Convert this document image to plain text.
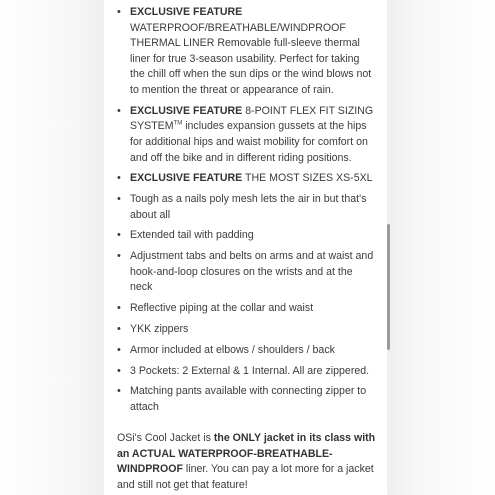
• EXCLUSIVE FEATURE
WATERPROOF/BREATHABLE/WINDPROOF THERMAL LINER Removable full-sleeve thermal liner for true 3-season usability. Perfect for taking the chill off when the sun dips or the wind blows not to mention the threat or appearance of rain.
• EXCLUSIVE FEATURE 8-POINT FLEX FIT SIZING SYSTEM™ includes expansion gussets at the hips for additional hips and waist mobility for comfort on and off the bike and in different riding positions.
• EXCLUSIVE FEATURE THE MOST SIZES XS-5XL
• Tough as a nails poly mesh lets the air in but that's about all
• Extended tail with padding
• Adjustment tabs and belts on arms and at waist and hook-and-loop closures on the wrists and at the neck
• Reflective piping at the collar and waist
• YKK zippers
• Armor included at elbows / shoulders / back
• 3 Pockets: 2 External & 1 Internal. All are zippered.
• Matching pants available with connecting zipper to attach

OSi's Cool Jacket is the ONLY jacket in its class with an ACTUAL WATERPROOF-BREATHABLE-WINDPROOF liner. You can pay a lot more for a jacket and still not get that feature!
